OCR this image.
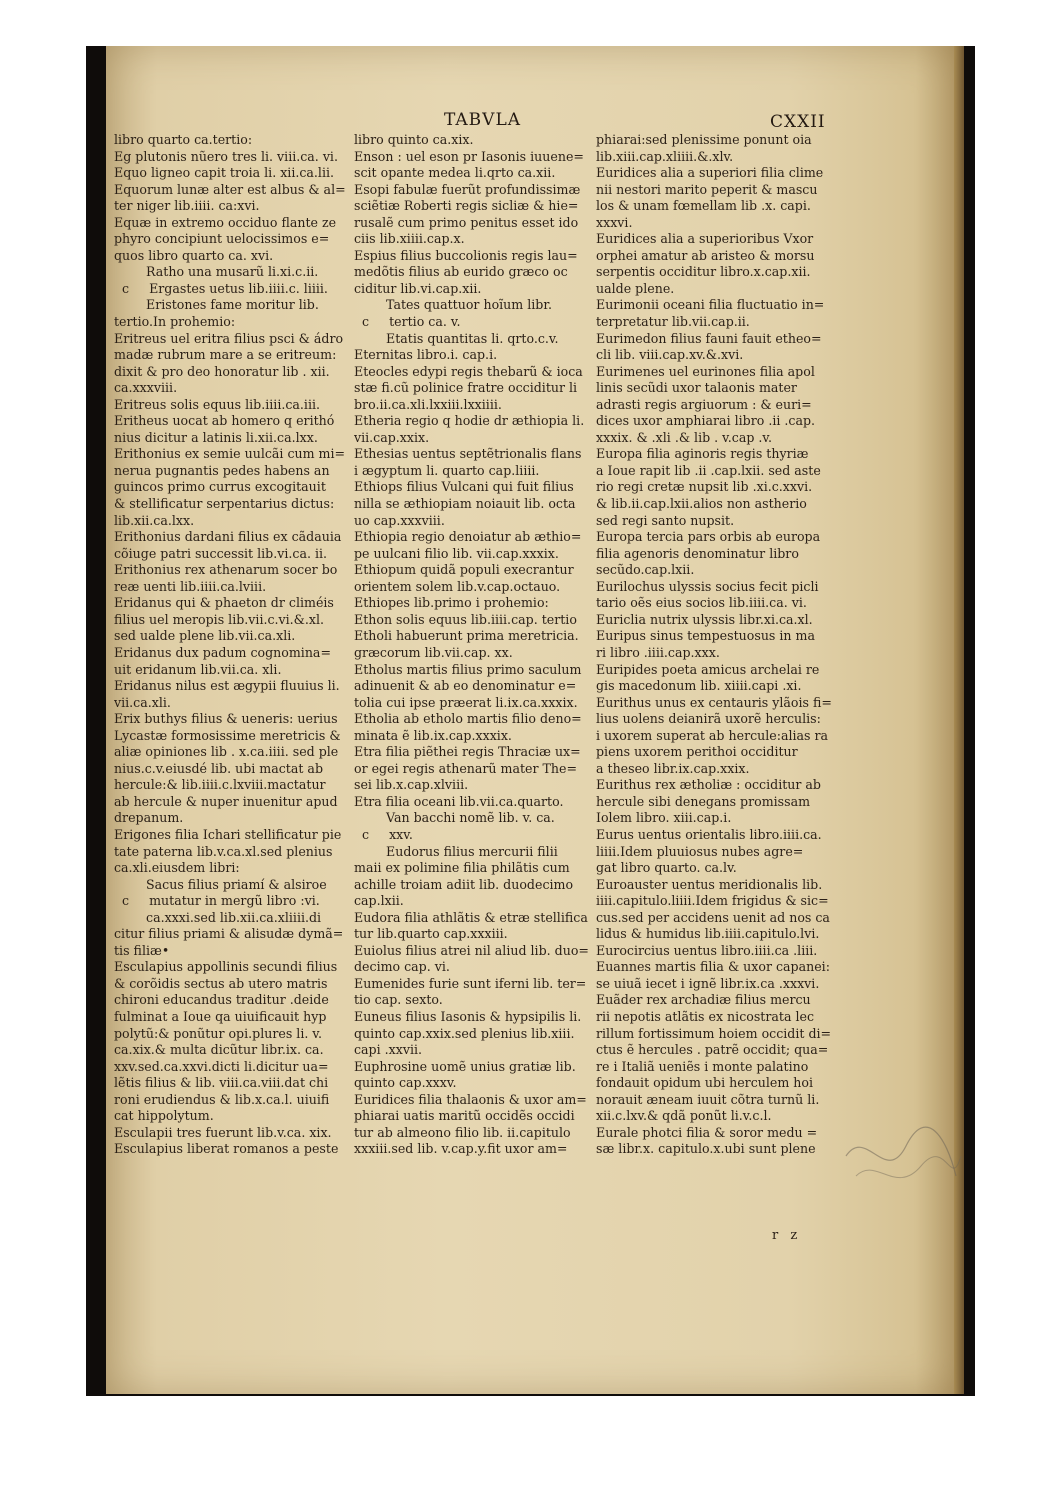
TABVLA	CXXII
libro quarto ca.tertio:
Eg plutonis nũero tres li. viii.ca. vi.
Equo ligneo capit troia li. xii.ca.lii.
Equorum lunæ alter est albus & al=
ter niger lib.iiii. ca:xvi.
Equæ in extremo occiduo flante ze
phyro concipiunt uelocissimos e=
quos libro quarto ca. xvi.
Ratho una musarũ li.xi.c.ii.
c     Ergastes uetus lib.iiii.c. liiii.
Eristones fame moritur lib.
tertio.In prohemio:
Eritreus uel eritra filius psci & ádro
madæ rubrum mare a se eritreum:
dixit & pro deo honoratur lib . xii.
ca.xxxviii.
Eritreus solis equus lib.iiii.ca.iii.
Eritheus uocat ab homero q erithó
nius dicitur a latinis li.xii.ca.lxx.
Erithonius ex semie uulcãi cum mi=
nerua pugnantis pedes habens an
guincos primo currus excogitauit
& stellificatur serpentarius dictus:
lib.xii.ca.lxx.
Erithonius dardani filius ex cãdauia
cõiuge patri successit lib.vi.ca. ii.
Erithonius rex athenarum socer bo
reæ uenti lib.iiii.ca.lviii.
Eridanus qui & phaeton dr climéis
filius uel meropis lib.vii.c.vi.&.xl.
sed ualde plene lib.vii.ca.xli.
Eridanus dux padum cognomina=
uit eridanum lib.vii.ca. xli.
Eridanus nilus est ægypii fluuius li.
vii.ca.xli.
Erix buthys filius & ueneris: uerius
Lycastæ formosissime meretricis &
aliæ opiniones lib . x.ca.iiii. sed ple
nius.c.v.eiusdé lib. ubi mactat ab
hercule:& lib.iiii.c.lxviii.mactatur
ab hercule & nuper inuenitur apud
drepanum.
Erigones filia Ichari stellificatur pie
tate paterna lib.v.ca.xl.sed plenius
ca.xli.eiusdem libri:
Sacus filius priamí & alsiroe
c     mutatur in mergũ libro :vi.
ca.xxxi.sed lib.xii.ca.xliiii.di
citur filius priami & alisudæ dymã=
tis filiæ•
Esculapius appollinis secundi filius
& corõidis sectus ab utero matris
chironi educandus traditur .deide
fulminat a Ioue qa uiuificauit hyp
polytũ:& ponũtur opi.plures li. v.
ca.xix.& multa dicũtur libr.ix. ca.
xxv.sed.ca.xxvi.dicti li.dicitur ua=
lẽtis filius & lib. viii.ca.viii.dat chi
roni erudiendus & lib.x.ca.l. uiuifi
cat hippolytum.
Esculapii tres fuerunt lib.v.ca. xix.
Esculapius liberat romanos a peste
libro quinto ca.xix.
Enson : uel eson pr Iasonis iuuene=
scit opante medea li.qrto ca.xii.
Esopi fabulæ fuerũt profundissimæ
sciẽtiæ Roberti regis sicliæ & hie=
rusalẽ cum primo penitus esset ido
ciis lib.xiiii.cap.x.
Espius filius buccolionis regis lau=
medõtis filius ab eurido græco oc
ciditur lib.vi.cap.xii.
Tates quattuor hoĩum libr.
c     tertio ca. v.
Etatis quantitas li. qrto.c.v.
Eternitas libro.i. cap.i.
Eteocles edypi regis thebarũ & ioca
stæ fi.cũ polinice fratre occiditur li
bro.ii.ca.xli.lxxiii.lxxiiii.
Etheria regio q hodie dr æthiopia li.
vii.cap.xxix.
Ethesias uentus septẽtrionalis flans
i ægyptum li. quarto cap.liiii.
Ethiops filius Vulcani qui fuit filius
nilla se æthiopiam noiauit lib. octa
uo cap.xxxviii.
Ethiopia regio denoiatur ab æthio=
pe uulcani filio lib. vii.cap.xxxix.
Ethiopum quidã populi execrantur
orientem solem lib.v.cap.octauo.
Ethiopes lib.primo i prohemio:
Ethon solis equus lib.iiii.cap. tertio
Etholi habuerunt prima meretricia.
græcorum lib.vii.cap. xx.
Etholus martis filius primo saculum
adinuenit & ab eo denominatur e=
tolia cui ipse præerat li.ix.ca.xxxix.
Etholia ab etholo martis filio deno=
minata ẽ lib.ix.cap.xxxix.
Etra filia piẽthei regis Thraciæ ux=
or egei regis athenarũ mater The=
sei lib.x.cap.xlviii.
Etra filia oceani lib.vii.ca.quarto.
Van bacchi nomẽ lib. v. ca.
c     xxv.
Eudorus filius mercurii filii
maii ex polimine filia philãtis cum
achille troiam adiit lib. duodecimo
cap.lxii.
Eudora filia athlãtis & etræ stellifica
tur lib.quarto cap.xxxiii.
Euiolus filius atrei nil aliud lib. duo=
decimo cap. vi.
Eumenides furie sunt iferni lib. ter=
tio cap. sexto.
Euneus filius Iasonis & hypsipilis li.
quinto cap.xxix.sed plenius lib.xiii.
capi .xxvii.
Euphrosine uomẽ unius gratiæ lib.
quinto cap.xxxv.
Euridices filia thalaonis & uxor am=
phiarai uatis maritũ occidẽs occidi
tur ab almeono filio lib. ii.capitulo
xxxiii.sed lib. v.cap.y.fit uxor am=
phiarai:sed plenissime ponunt oia
lib.xiii.cap.xliiii.&.xlv.
Euridices alia a superiori filia clime
nii nestori marito peperit & mascu
los & unam fœmellam lib .x. capi.
xxxvi.
Euridices alia a superioribus Vxor
orphei amatur ab aristeo & morsu
serpentis occiditur libro.x.cap.xii.
ualde plene.
Eurimonii oceani filia fluctuatio in=
terpretatur lib.vii.cap.ii.
Eurimedon filius fauni fauit etheo=
cli lib. viii.cap.xv.&.xvi.
Eurimenes uel eurinones filia apol
linis secũdi uxor talaonis mater
adrasti regis argiuorum : & euri=
dices uxor amphiarai libro .ii .cap.
xxxix. & .xli .& lib . v.cap .v.
Europa filia aginoris regis thyriæ
a Ioue rapit lib .ii .cap.lxii. sed aste
rio regi cretæ nupsit lib .xi.c.xxvi.
& lib.ii.cap.lxii.alios non astherio
sed regi santo nupsit.
Europa tercia pars orbis ab europa
filia agenoris denominatur libro
secũdo.cap.lxii.
Eurilochus ulyssis socius fecit picli
tario oẽs eius socios lib.iiii.ca. vi.
Euriclia nutrix ulyssis libr.xi.ca.xl.
Euripus sinus tempestuosus in ma
ri libro .iiii.cap.xxx.
Euripides poeta amicus archelai re
gis macedonum lib. xiiii.capi .xi.
Eurithus unus ex centauris ylãois fi=
lius uolens deianirã uxorẽ herculis:
i uxorem superat ab hercule:alias ra
piens uxorem perithoi occiditur
a theseo libr.ix.cap.xxix.
Eurithus rex ætholiæ : occiditur ab
hercule sibi denegans promissam
Iolem libro. xiii.cap.i.
Eurus uentus orientalis libro.iiii.ca.
liiii.Idem pluuiosus nubes agre=
gat libro quarto. ca.lv.
Euroauster uentus meridionalis lib.
iiii.capitulo.liiii.Idem frigidus & sic=
cus.sed per accidens uenit ad nos ca
lidus & humidus lib.iiii.capitulo.lvi.
Eurocircius uentus libro.iiii.ca .liii.
Euannes martis filia & uxor capanei:
se uiuã iecet i ignẽ libr.ix.ca .xxxvi.
Euãder rex archadiæ filius mercu
rii nepotis atlãtis ex nicostrata lec
rillum fortissimum hoiem occidit di=
ctus ẽ hercules . patrẽ occidit; qua=
re i Italiã ueniẽs i monte palatino
fondauit opidum ubi herculem hoi
norauit æneam iuuit cõtra turnũ li.
xii.c.lxv.& qdã ponũt li.v.c.l.
Eurale photci filia & soror medu =
sæ libr.x. capitulo.x.ubi sunt plene
r z
